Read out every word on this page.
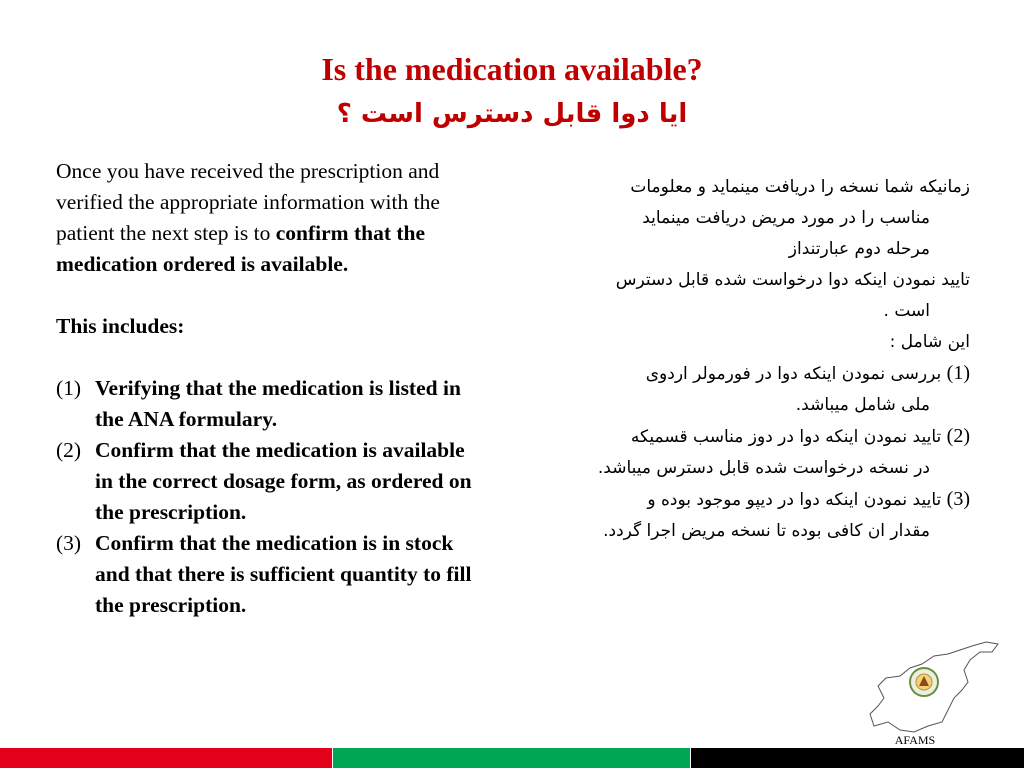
Is the medication available?
ایا دوا قابل دسترس است ؟

Once you have received the prescription and verified the appropriate information with the patient the next step is to confirm that the medication ordered is available.

This includes:

(1) Verifying that the medication is listed in the ANA formulary.
(2) Confirm that the medication is available in the correct dosage form, as ordered on the prescription.
(3) Confirm that the medication is in stock and that there is sufficient quantity to fill the prescription.
زمانیکه شما نسخه را دریافت مینماید و معلومات
مناسب را در مورد مریض دریافت مینماید
مرحله دوم عبارتنداز
تایید نمودن اینکه دوا درخواست شده قابل دسترس
است .
این شامل :
(1) بررسی نمودن اینکه دوا در فورمولر اردوی
ملی شامل میباشد.
(2) تایید نمودن اینکه دوا در دوز مناسب قسمیکه
در نسخه درخواست شده قابل دسترس میباشد.
(3) تایید نمودن اینکه دوا در دیپو موجود بوده و
مقدار ان کافی بوده تا نسخه مریض اجرا گردد.
AFAMS
